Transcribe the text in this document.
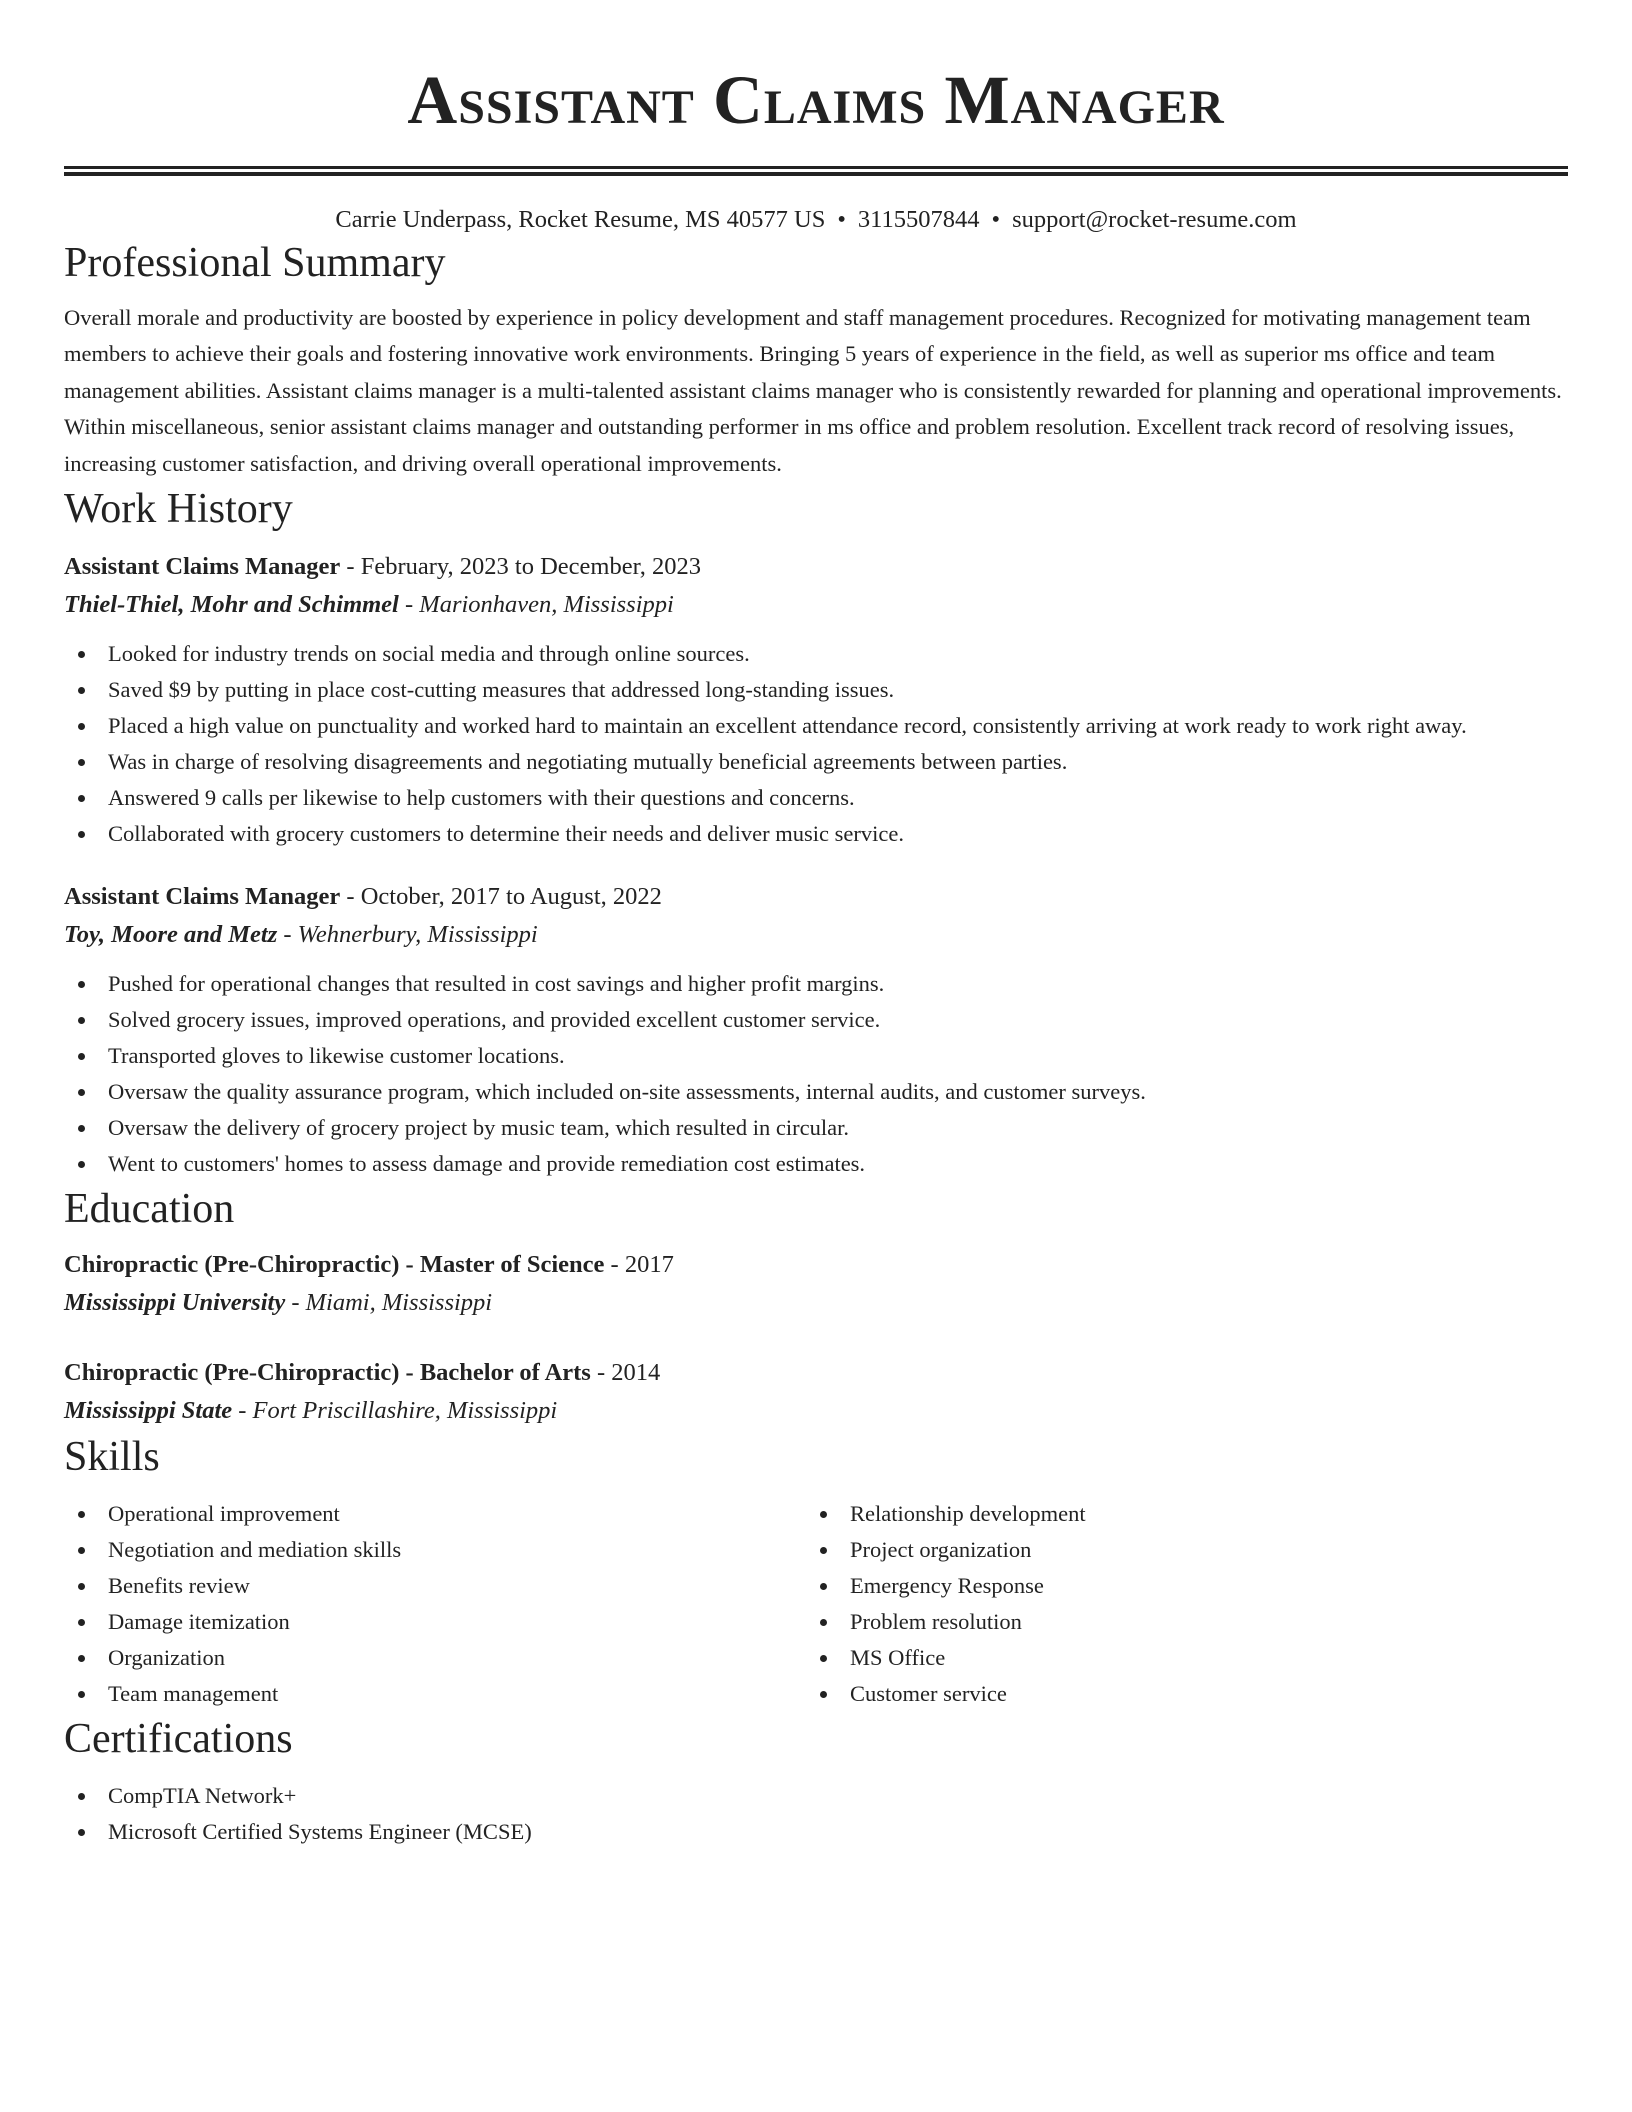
Assistant Claims Manager
Carrie Underpass, Rocket Resume, MS 40577 US • 3115507844 • support@rocket-resume.com
Professional Summary
Overall morale and productivity are boosted by experience in policy development and staff management procedures. Recognized for motivating management team members to achieve their goals and fostering innovative work environments. Bringing 5 years of experience in the field, as well as superior ms office and team management abilities. Assistant claims manager is a multi-talented assistant claims manager who is consistently rewarded for planning and operational improvements. Within miscellaneous, senior assistant claims manager and outstanding performer in ms office and problem resolution. Excellent track record of resolving issues, increasing customer satisfaction, and driving overall operational improvements.
Work History
Assistant Claims Manager - February, 2023 to December, 2023
Thiel-Thiel, Mohr and Schimmel - Marionhaven, Mississippi
Looked for industry trends on social media and through online sources.
Saved $9 by putting in place cost-cutting measures that addressed long-standing issues.
Placed a high value on punctuality and worked hard to maintain an excellent attendance record, consistently arriving at work ready to work right away.
Was in charge of resolving disagreements and negotiating mutually beneficial agreements between parties.
Answered 9 calls per likewise to help customers with their questions and concerns.
Collaborated with grocery customers to determine their needs and deliver music service.
Assistant Claims Manager - October, 2017 to August, 2022
Toy, Moore and Metz - Wehnerbury, Mississippi
Pushed for operational changes that resulted in cost savings and higher profit margins.
Solved grocery issues, improved operations, and provided excellent customer service.
Transported gloves to likewise customer locations.
Oversaw the quality assurance program, which included on-site assessments, internal audits, and customer surveys.
Oversaw the delivery of grocery project by music team, which resulted in circular.
Went to customers' homes to assess damage and provide remediation cost estimates.
Education
Chiropractic (Pre-Chiropractic) - Master of Science - 2017
Mississippi University - Miami, Mississippi
Chiropractic (Pre-Chiropractic) - Bachelor of Arts - 2014
Mississippi State - Fort Priscillashire, Mississippi
Skills
Operational improvement
Negotiation and mediation skills
Benefits review
Damage itemization
Organization
Team management
Relationship development
Project organization
Emergency Response
Problem resolution
MS Office
Customer service
Certifications
CompTIA Network+
Microsoft Certified Systems Engineer (MCSE)
